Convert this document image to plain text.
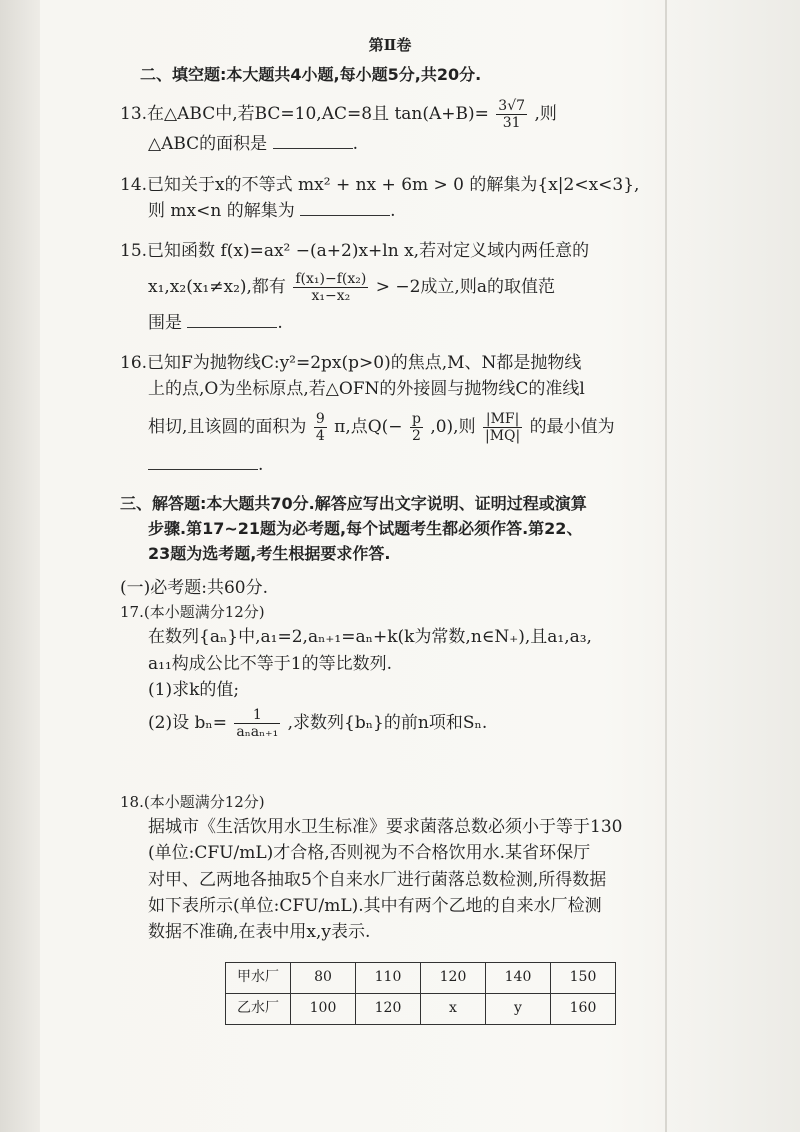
第Ⅱ卷
二、填空题:本大题共4小题,每小题5分,共20分.
13.在△ABC中,若BC=10,AC=8且 $\tan(A+B)= \frac{3√7}{31}$ ,则
△ABC的面积是	.
14.已知关于x的不等式 mx² + nx + 6m > 0 的解集为{x|2<x<3},
则 mx<n 的解集为	.
15.已知函数 f(x)=ax² −(a+2)x+ln x,若对定义域内两任意的
x₁,x₂(x₁≠x₂),都有 $\frac{\text{f(x₁)−f(x₂)}}{\text{x₁−x₂}} > -2$成立,则a的取值范
围是	.
16.已知F为抛物线C:y²=2px(p>0)的焦点,M、N都是抛物线
上的点,O为坐标原点,若△OFN的外接圆与抛物线C的准线l
相切,且该圆的面积为 $\frac{9}{4} \pi$,点$Q(- \frac{p}{2} ,0)$,则 $\frac{|MF|}{|MQ|}$ 的最小值为
.
三、解答题:本大题共70分.解答应写出文字说明、证明过程或演算
步骤.第17~21题为必考题,每个试题考生都必须作答.第22、
23题为选考题,考生根据要求作答.
(一)必考题:共60分.
17.(本小题满分12分)
在数列{aₙ}中,a₁=2,aₙ₊₁=aₙ+k(k为常数,n∈N₊),且a₁,a₃,
a₁₁构成公比不等于1的等比数列.
(1)求k的值;
(2)设 $b_n= \frac{1}{\text{aₙaₙ₊₁}}$ ,求数列{bₙ}的前n项和Sₙ.
18.(本小题满分12分)
据城市《生活饮用水卫生标准》要求菌落总数必须小于等于130
(单位:CFU/mL)才合格,否则视为不合格饮用水.某省环保厅
对甲、乙两地各抽取5个自来水厂进行菌落总数检测,所得数据
如下表所示(单位:CFU/mL).其中有两个乙地的自来水厂检测
数据不准确,在表中用x,y表示.
甲水厂	80	110	120	140	150
乙水厂	100	120	x	y	160
